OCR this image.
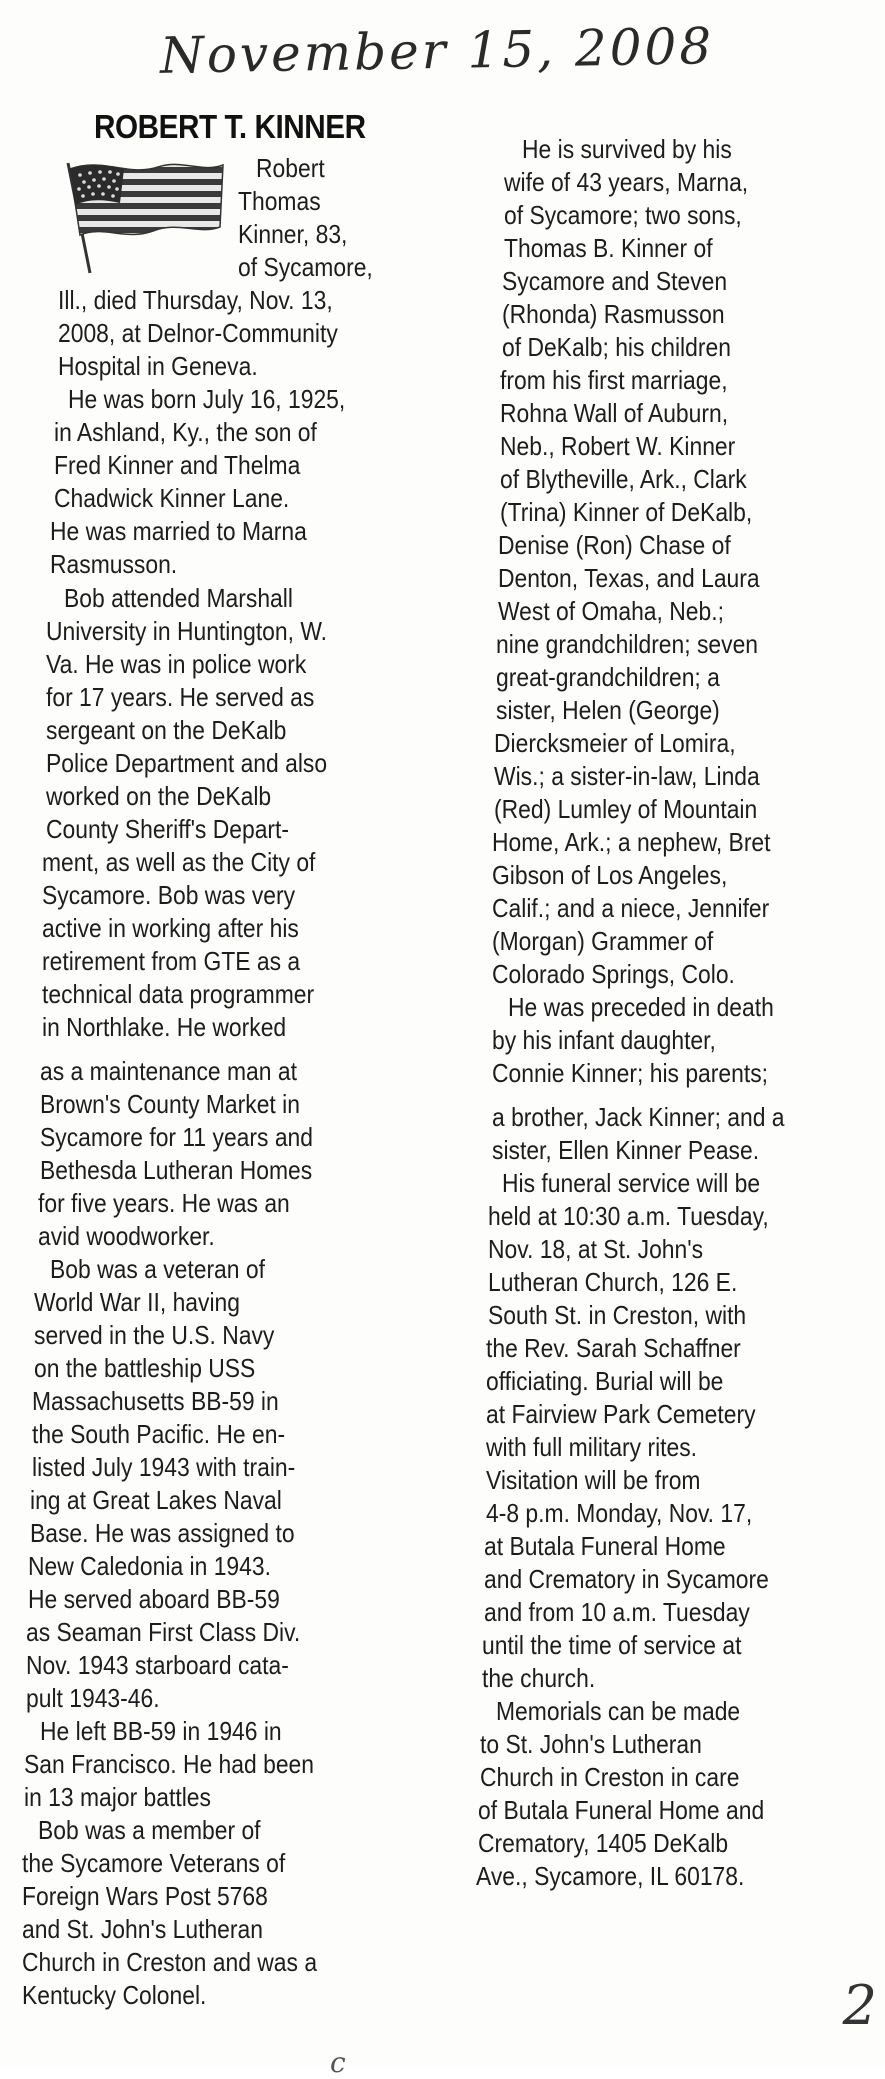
November 15, 2008
ROBERT T. KINNER
Robert
Thomas
Kinner, 83,
of Sycamore,
Ill., died Thursday, Nov. 13,
2008, at Delnor-Community
Hospital in Geneva.
He was born July 16, 1925,
in Ashland, Ky., the son of
Fred Kinner and Thelma
Chadwick Kinner Lane.
He was married to Marna
Rasmusson.
Bob attended Marshall
University in Huntington, W.
Va. He was in police work
for 17 years. He served as
sergeant on the DeKalb
Police Department and also
worked on the DeKalb
County Sheriff's Depart-
ment, as well as the City of
Sycamore. Bob was very
active in working after his
retirement from GTE as a
technical data programmer
in Northlake. He worked
as a maintenance man at
Brown's County Market in
Sycamore for 11 years and
Bethesda Lutheran Homes
for five years. He was an
avid woodworker.
Bob was a veteran of
World War II, having
served in the U.S. Navy
on the battleship USS
Massachusetts BB-59 in
the South Pacific. He en-
listed July 1943 with train-
ing at Great Lakes Naval
Base. He was assigned to
New Caledonia in 1943.
He served aboard BB-59
as Seaman First Class Div.
Nov. 1943 starboard cata-
pult 1943-46.
He left BB-59 in 1946 in
San Francisco. He had been
in 13 major battles
Bob was a member of
the Sycamore Veterans of
Foreign Wars Post 5768
and St. John's Lutheran
Church in Creston and was a
Kentucky Colonel.
He is survived by his
wife of 43 years, Marna,
of Sycamore; two sons,
Thomas B. Kinner of
Sycamore and Steven
(Rhonda) Rasmusson
of DeKalb; his children
from his first marriage,
Rohna Wall of Auburn,
Neb., Robert W. Kinner
of Blytheville, Ark., Clark
(Trina) Kinner of DeKalb,
Denise (Ron) Chase of
Denton, Texas, and Laura
West of Omaha, Neb.;
nine grandchildren; seven
great-grandchildren; a
sister, Helen (George)
Diercksmeier of Lomira,
Wis.; a sister-in-law, Linda
(Red) Lumley of Mountain
Home, Ark.; a nephew, Bret
Gibson of Los Angeles,
Calif.; and a niece, Jennifer
(Morgan) Grammer of
Colorado Springs, Colo.
He was preceded in death
by his infant daughter,
Connie Kinner; his parents;
a brother, Jack Kinner; and a
sister, Ellen Kinner Pease.
His funeral service will be
held at 10:30 a.m. Tuesday,
Nov. 18, at St. John's
Lutheran Church, 126 E.
South St. in Creston, with
the Rev. Sarah Schaffner
officiating. Burial will be
at Fairview Park Cemetery
with full military rites.
Visitation will be from
4-8 p.m. Monday, Nov. 17,
at Butala Funeral Home
and Crematory in Sycamore
and from 10 a.m. Tuesday
until the time of service at
the church.
Memorials can be made
to St. John's Lutheran
Church in Creston in care
of Butala Funeral Home and
Crematory, 1405 DeKalb
Ave., Sycamore, IL 60178.
2
c
